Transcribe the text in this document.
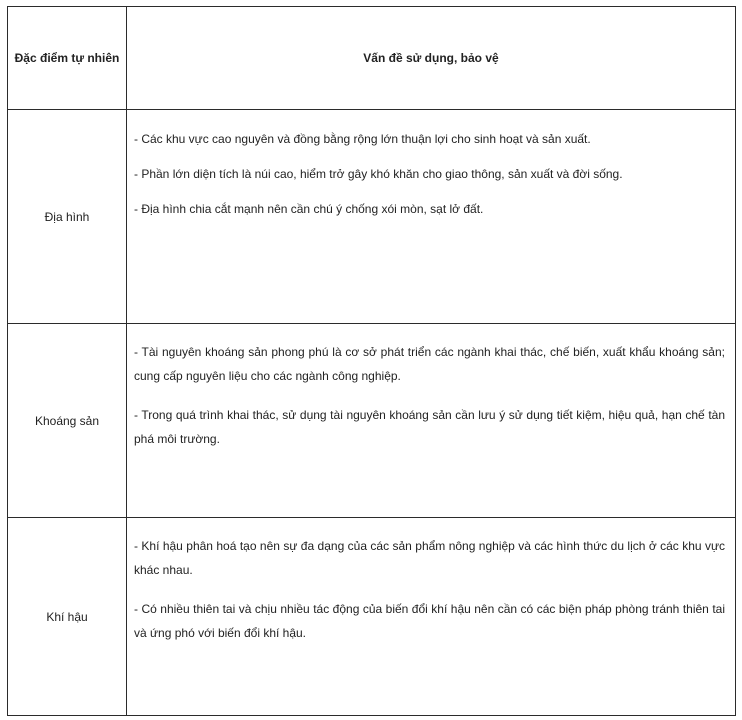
Đặc điểm tự nhiên	Vấn đề sử dụng, bảo vệ
Địa hình	- Các khu vực cao nguyên và đồng bằng rộng lớn thuận lợi cho sinh hoạt và sản xuất.

- Phần lớn diện tích là núi cao, hiểm trở gây khó khăn cho giao thông, sản xuất và đời sống.

- Địa hình chia cắt mạnh nên cần chú ý chống xói mòn, sạt lở đất.

Khoáng sản	- Tài nguyên khoáng sản phong phú là cơ sở phát triển các ngành khai thác, chế biến, xuất khẩu khoáng sản; cung cấp nguyên liệu cho các ngành công nghiệp.

- Trong quá trình khai thác, sử dụng tài nguyên khoáng sản cần lưu ý sử dụng tiết kiệm, hiệu quả, hạn chế tàn phá môi trường.

Khí hậu	- Khí hậu phân hoá tạo nên sự đa dạng của các sản phẩm nông nghiệp và các hình thức du lịch ở các khu vực khác nhau.

- Có nhiều thiên tai và chịu nhiều tác động của biến đổi khí hậu nên cần có các biện pháp phòng tránh thiên tai và ứng phó với biến đổi khí hậu.
